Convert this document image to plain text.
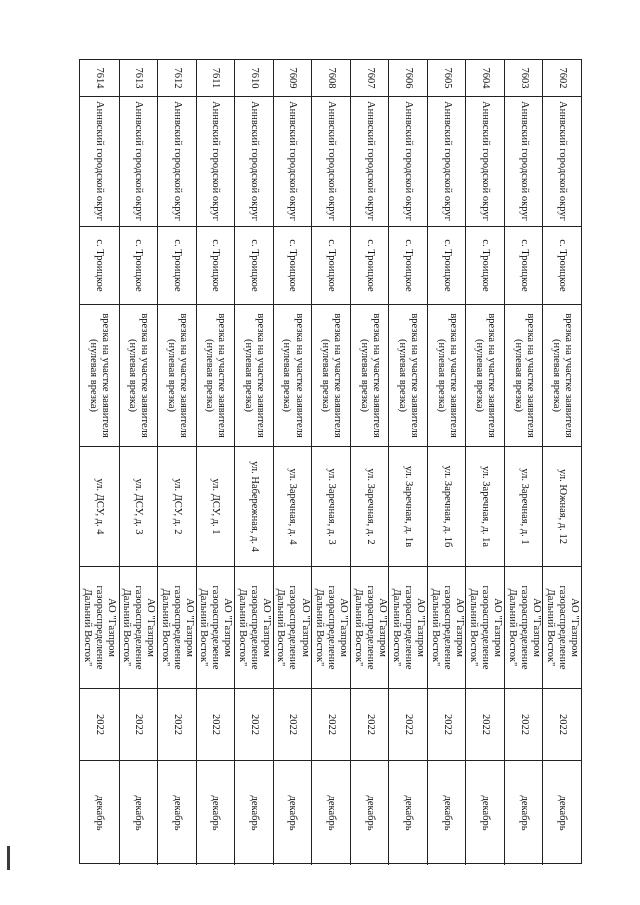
7602
Аннвский городской округ
с. Троицкое
врезка на участке заявителя
(нулевая врезка)
ул. Южная, д. 12
АО "Газпром газораспределение
Дальний Восток"
2022
декабрь
7603
Аннвский городской округ
с. Троицкое
врезка на участке заявителя
(нулевая врезка)
ул. Заречная, д. 1
АО "Газпром газораспределение
Дальний Восток"
2022
декабрь
7604
Аннвский городской округ
с. Троицкое
врезка на участке заявителя
(нулевая врезка)
ул. Заречная, д. 1а
АО "Газпром газораспределение
Дальний Восток"
2022
декабрь
7605
Аннвский городской округ
с. Троицкое
врезка на участке заявителя
(нулевая врезка)
ул. Заречная, д. 1б
АО "Газпром газораспределение
Дальний Восток"
2022
декабрь
7606
Аннвский городской округ
с. Троицкое
врезка на участке заявителя
(нулевая врезка)
ул. Заречная, д. 1в
АО "Газпром газораспределение
Дальний Восток"
2022
декабрь
7607
Аннвский городской округ
с. Троицкое
врезка на участке заявителя
(нулевая врезка)
ул. Заречная, д. 2
АО "Газпром газораспределение
Дальний Восток"
2022
декабрь
7608
Аннвский городской округ
с. Троицкое
врезка на участке заявителя
(нулевая врезка)
ул. Заречная, д. 3
АО "Газпром газораспределение
Дальний Восток"
2022
декабрь
7609
Аннвский городской округ
с. Троицкое
врезка на участке заявителя
(нулевая врезка)
ул. Заречная, д. 4
АО "Газпром газораспределение
Дальний Восток"
2022
декабрь
7610
Аннвский городской округ
с. Троицкое
врезка на участке заявителя
(нулевая врезка)
ул. Набережная, д. 4
АО "Газпром газораспределение
Дальний Восток"
2022
декабрь
7611
Аннвский городской округ
с. Троицкое
врезка на участке заявителя
(нулевая врезка)
ул. ДСУ, д. 1
АО "Газпром газораспределение
Дальний Восток"
2022
декабрь
7612
Аннвский городской округ
с. Троицкое
врезка на участке заявителя
(нулевая врезка)
ул. ДСУ, д. 2
АО "Газпром газораспределение
Дальний Восток"
2022
декабрь
7613
Аннвский городской округ
с. Троицкое
врезка на участке заявителя
(нулевая врезка)
ул. ДСУ, д. 3
АО "Газпром газораспределение
Дальний Восток"
2022
декабрь
7614
Аннвский городской округ
с. Троицкое
врезка на участке заявителя
(нулевая врезка)
ул. ДСУ, д. 4
АО "Газпром газораспределение
Дальний Восток"
2022
декабрь
